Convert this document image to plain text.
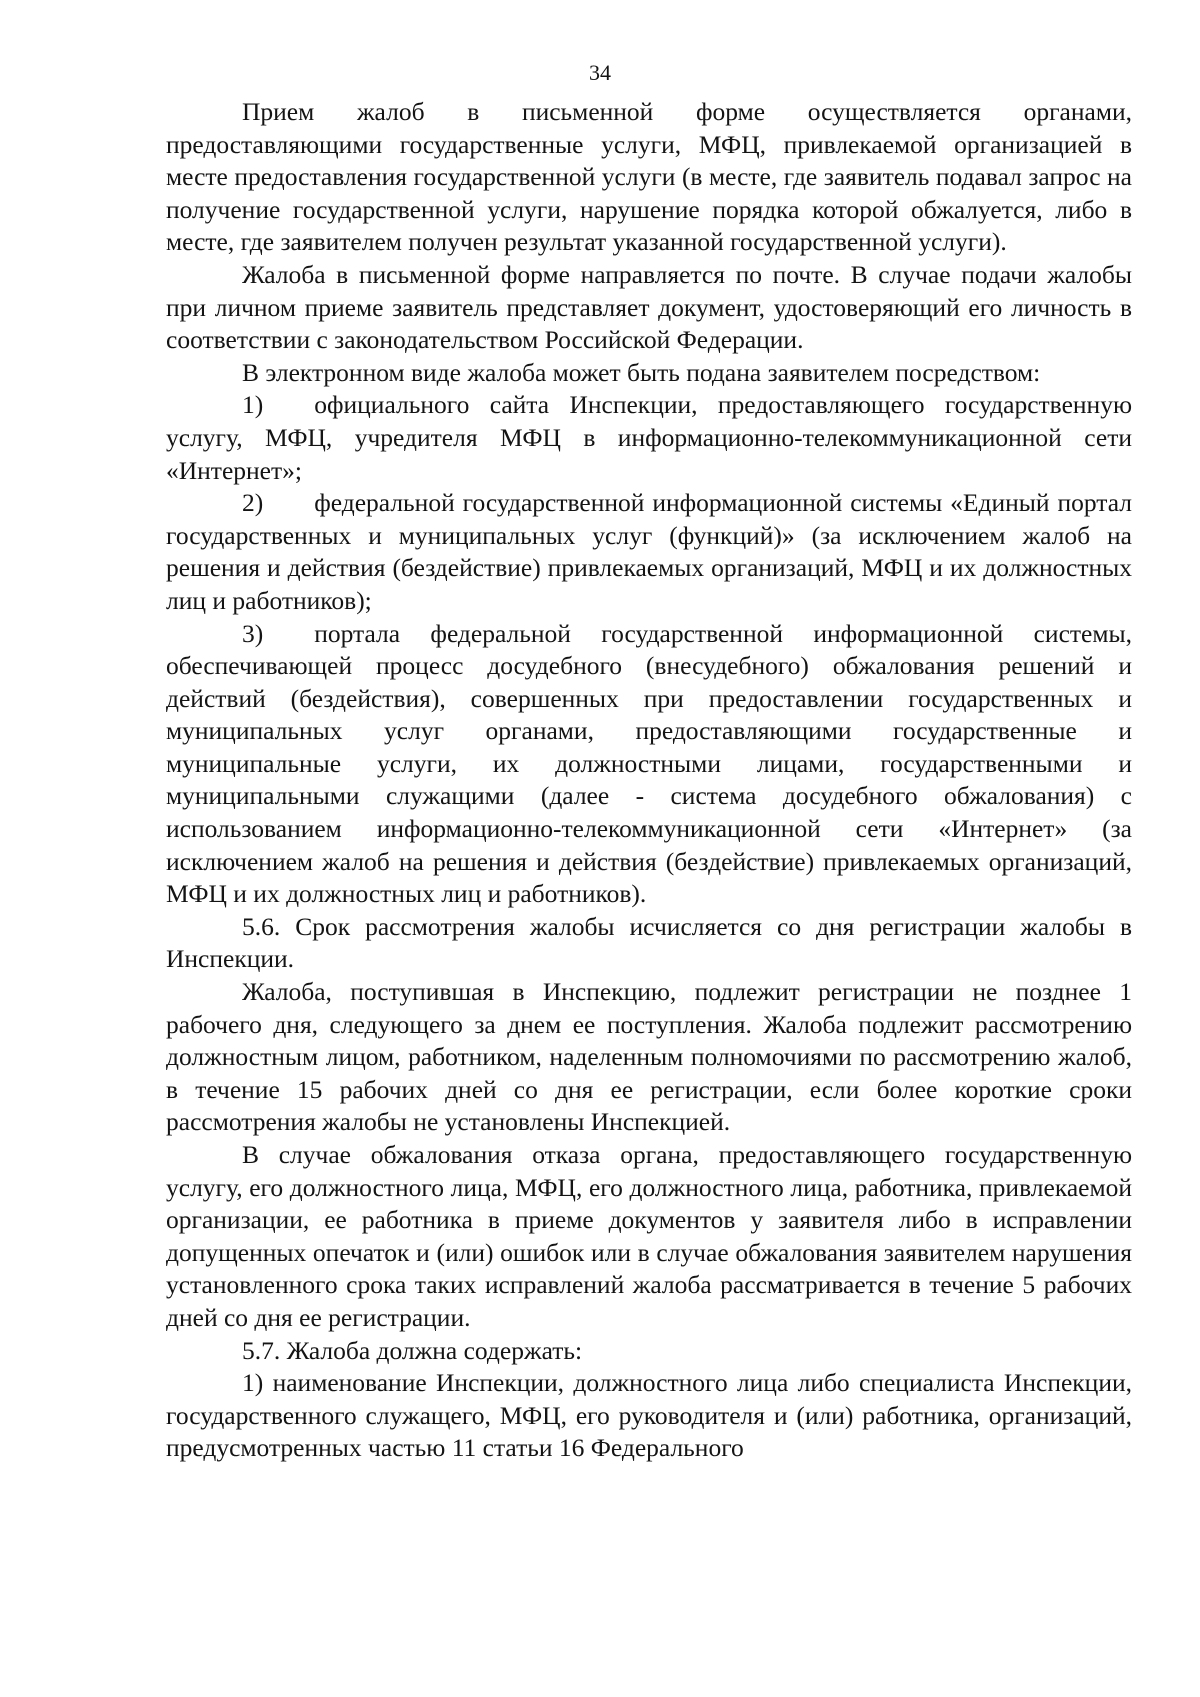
34

Прием жалоб в письменной форме осуществляется органами, предоставляющими государственные услуги, МФЦ, привлекаемой организацией в месте предоставления государственной услуги (в месте, где заявитель подавал запрос на получение государственной услуги, нарушение порядка которой обжалуется, либо в месте, где заявителем получен результат указанной государственной услуги).

Жалоба в письменной форме направляется по почте. В случае подачи жалобы при личном приеме заявитель представляет документ, удостоверяющий его личность в соответствии с законодательством Российской Федерации.

В электронном виде жалоба может быть подана заявителем посредством:

1)  официального сайта Инспекции, предоставляющего государственную услугу, МФЦ, учредителя МФЦ в информационно-телекоммуникационной сети «Интернет»;

2)  федеральной государственной информационной системы «Единый портал государственных и муниципальных услуг (функций)» (за исключением жалоб на решения и действия (бездействие) привлекаемых организаций, МФЦ и их должностных лиц и работников);

3)  портала федеральной государственной информационной системы, обеспечивающей процесс досудебного (внесудебного) обжалования решений и действий (бездействия), совершенных при предоставлении государственных и муниципальных услуг органами, предоставляющими государственные и муниципальные услуги, их должностными лицами, государственными и муниципальными служащими (далее - система досудебного обжалования) с использованием информационно-телекоммуникационной сети «Интернет» (за исключением жалоб на решения и действия (бездействие) привлекаемых организаций, МФЦ и их должностных лиц и работников).

5.6. Срок рассмотрения жалобы исчисляется со дня регистрации жалобы в Инспекции.

Жалоба, поступившая в Инспекцию, подлежит регистрации не позднее 1 рабочего дня, следующего за днем ее поступления. Жалоба подлежит рассмотрению должностным лицом, работником, наделенным полномочиями по рассмотрению жалоб, в течение 15 рабочих дней со дня ее регистрации, если более короткие сроки рассмотрения жалобы не установлены Инспекцией.

В случае обжалования отказа органа, предоставляющего государственную услугу, его должностного лица, МФЦ, его должностного лица, работника, привлекаемой организации, ее работника в приеме документов у заявителя либо в исправлении допущенных опечаток и (или) ошибок или в случае обжалования заявителем нарушения установленного срока таких исправлений жалоба рассматривается в течение 5 рабочих дней со дня ее регистрации.

5.7. Жалоба должна содержать:

1) наименование Инспекции, должностного лица либо специалиста Инспекции, государственного служащего, МФЦ, его руководителя и (или) работника, организаций, предусмотренных частью 11 статьи 16 Федерального
